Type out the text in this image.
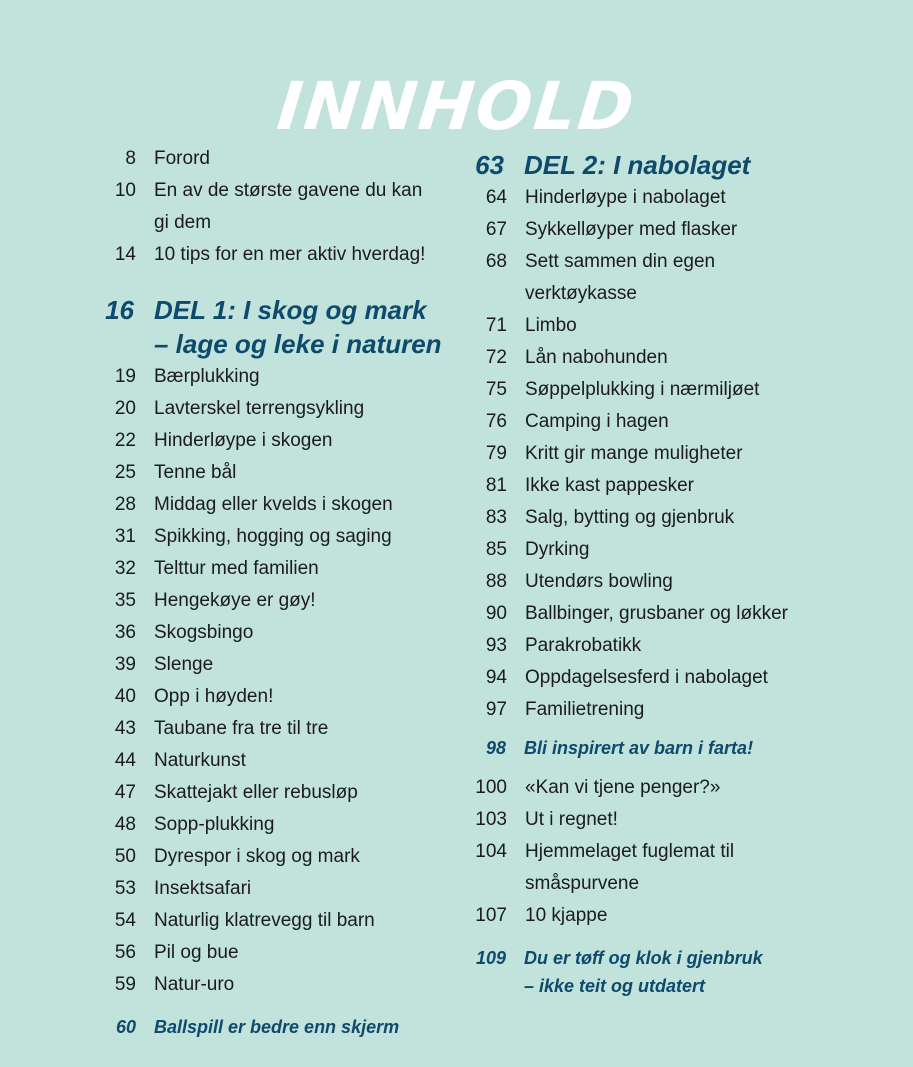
INNHOLD
8 Forord
10 En av de største gavene du kan
gi dem
14 10 tips for en mer aktiv hverdag!
16 DEL 1: I skog og mark
– lage og leke i naturen
19 Bærplukking
20 Lavterskel terrengsykling
22 Hinderløype i skogen
25 Tenne bål
28 Middag eller kvelds i skogen
31 Spikking, hogging og saging
32 Telttur med familien
35 Hengekøye er gøy!
36 Skogsbingo
39 Slenge
40 Opp i høyden!
43 Taubane fra tre til tre
44 Naturkunst
47 Skattejakt eller rebusløp
48 Sopp-plukking
50 Dyrespor i skog og mark
53 Insektsafari
54 Naturlig klatrevegg til barn
56 Pil og bue
59 Natur-uro
60 Ballspill er bedre enn skjerm
63 DEL 2: I nabolaget
64 Hinderløype i nabolaget
67 Sykkelløyper med flasker
68 Sett sammen din egen
verktøykasse
71 Limbo
72 Lån nabohunden
75 Søppelplukking i nærmiljøet
76 Camping i hagen
79 Kritt gir mange muligheter
81 Ikke kast pappesker
83 Salg, bytting og gjenbruk
85 Dyrking
88 Utendørs bowling
90 Ballbinger, grusbaner og løkker
93 Parakrobatikk
94 Oppdagelsesferd i nabolaget
97 Familietrening
98 Bli inspirert av barn i farta!
100 «Kan vi tjene penger?»
103 Ut i regnet!
104 Hjemmelaget fuglemat til
småspurvene
107 10 kjappe
109 Du er tøff og klok i gjenbruk
– ikke teit og utdatert
